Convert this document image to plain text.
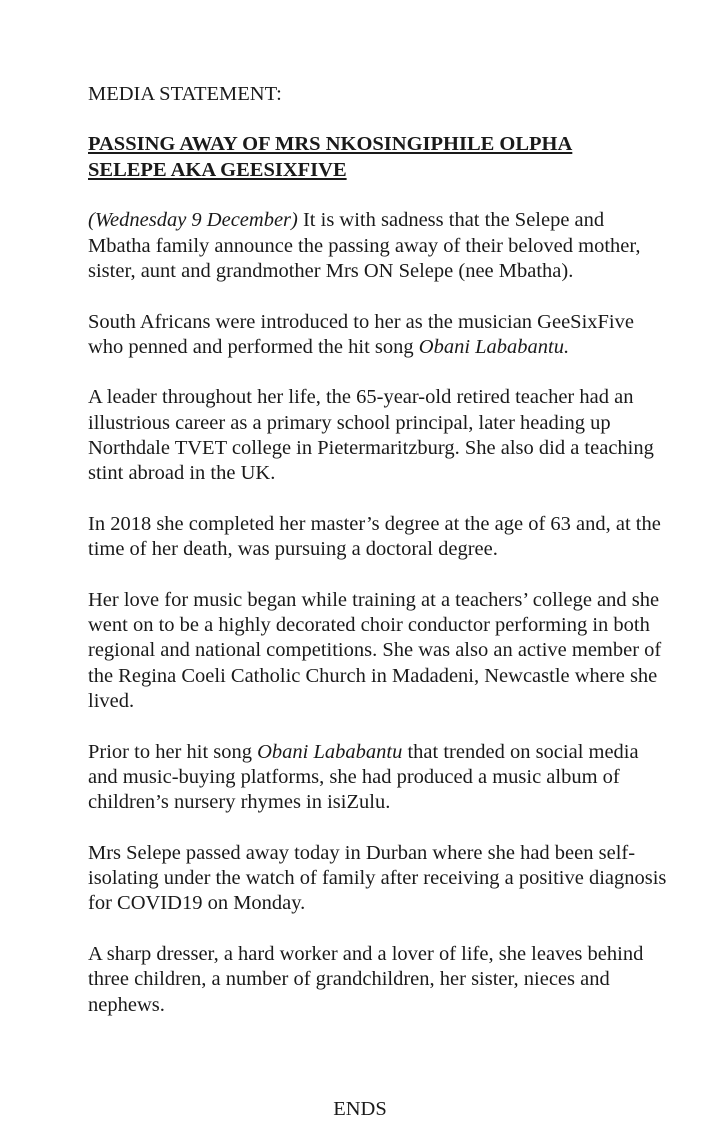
MEDIA STATEMENT:
PASSING AWAY OF MRS NKOSINGIPHILE OLPHA
SELEPE AKA GEESIXFIVE

(Wednesday 9 December) It is with sadness that the Selepe and Mbatha family announce the passing away of their beloved mother, sister, aunt and grandmother Mrs ON Selepe (nee Mbatha).

South Africans were introduced to her as the musician GeeSixFive who penned and performed the hit song Obani Lababantu.

A leader throughout her life, the 65-year-old retired teacher had an illustrious career as a primary school principal, later heading up Northdale TVET college in Pietermaritzburg. She also did a teaching stint abroad in the UK.

In 2018 she completed her master’s degree at the age of 63 and, at the time of her death, was pursuing a doctoral degree.

Her love for music began while training at a teachers’ college and she went on to be a highly decorated choir conductor performing in both regional and national competitions. She was also an active member of the Regina Coeli Catholic Church in Madadeni, Newcastle where she lived.

Prior to her hit song Obani Lababantu that trended on social media and music-buying platforms, she had produced a music album of children’s nursery rhymes in isiZulu.

Mrs Selepe passed away today in Durban where she had been self-isolating under the watch of family after receiving a positive diagnosis for COVID19 on Monday.

A sharp dresser, a hard worker and a lover of life, she leaves behind three children, a number of grandchildren, her sister, nieces and nephews.

ENDS
